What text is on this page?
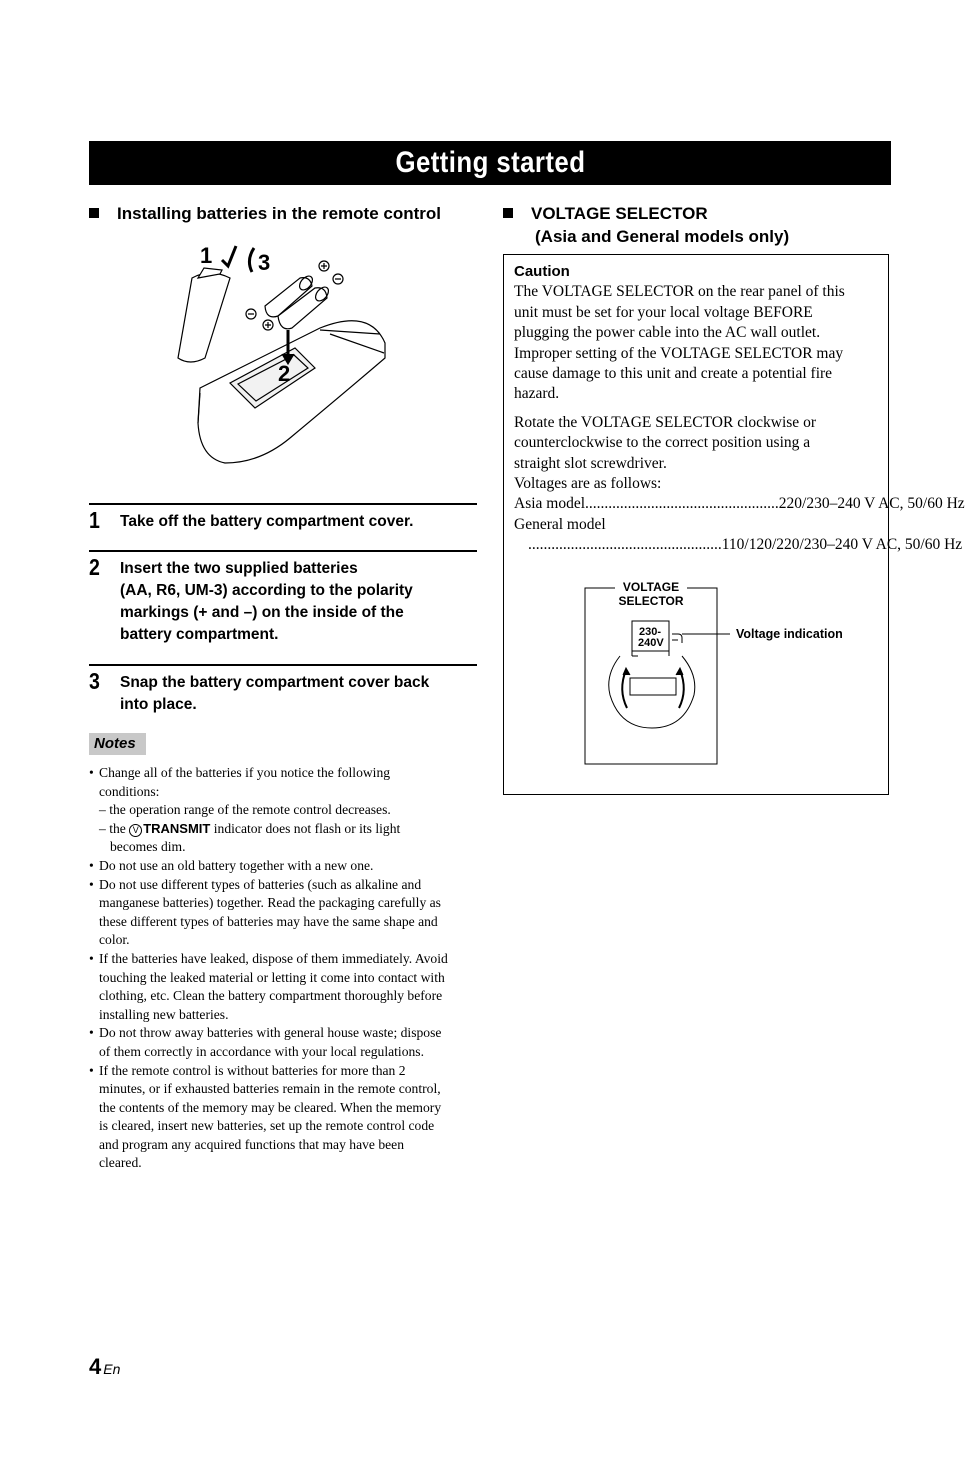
Getting started
Installing batteries in the remote control
1 3
2
1 Take off the battery compartment cover.
2 Insert the two supplied batteries
(AA, R6, UM-3) according to the polarity
markings (+ and –) on the inside of the
battery compartment.
3 Snap the battery compartment cover back
into place.
Notes
• Change all of the batteries if you notice the following
conditions:
– the operation range of the remote control decreases.
– the V TRANSMIT indicator does not flash or its light
becomes dim.
• Do not use an old battery together with a new one.
• Do not use different types of batteries (such as alkaline and
manganese batteries) together. Read the packaging carefully as
these different types of batteries may have the same shape and
color.
• If the batteries have leaked, dispose of them immediately. Avoid
touching the leaked material or letting it come into contact with
clothing, etc. Clean the battery compartment thoroughly before
installing new batteries.
• Do not throw away batteries with general house waste; dispose
of them correctly in accordance with your local regulations.
• If the remote control is without batteries for more than 2
minutes, or if exhausted batteries remain in the remote control,
the contents of the memory may be cleared. When the memory
is cleared, insert new batteries, set up the remote control code
and program any acquired functions that may have been
cleared.
VOLTAGE SELECTOR
(Asia and General models only)
Caution

The VOLTAGE SELECTOR on the rear panel of this

unit must be set for your local voltage BEFORE

plugging the power cable into the AC wall outlet.

Improper setting of the VOLTAGE SELECTOR may

cause damage to this unit and create a potential fire

hazard.

Rotate the VOLTAGE SELECTOR clockwise or

counterclockwise to the correct position using a

straight slot screwdriver.

Voltages are as follows:

Asia model .................................................. 220/230–240 V AC, 50/60 Hz
General model
.................................................. 110/120/220/230–240 V AC, 50/60 Hz
VOLTAGE
SELECTOR
230-
240V
Voltage indication
4 En
